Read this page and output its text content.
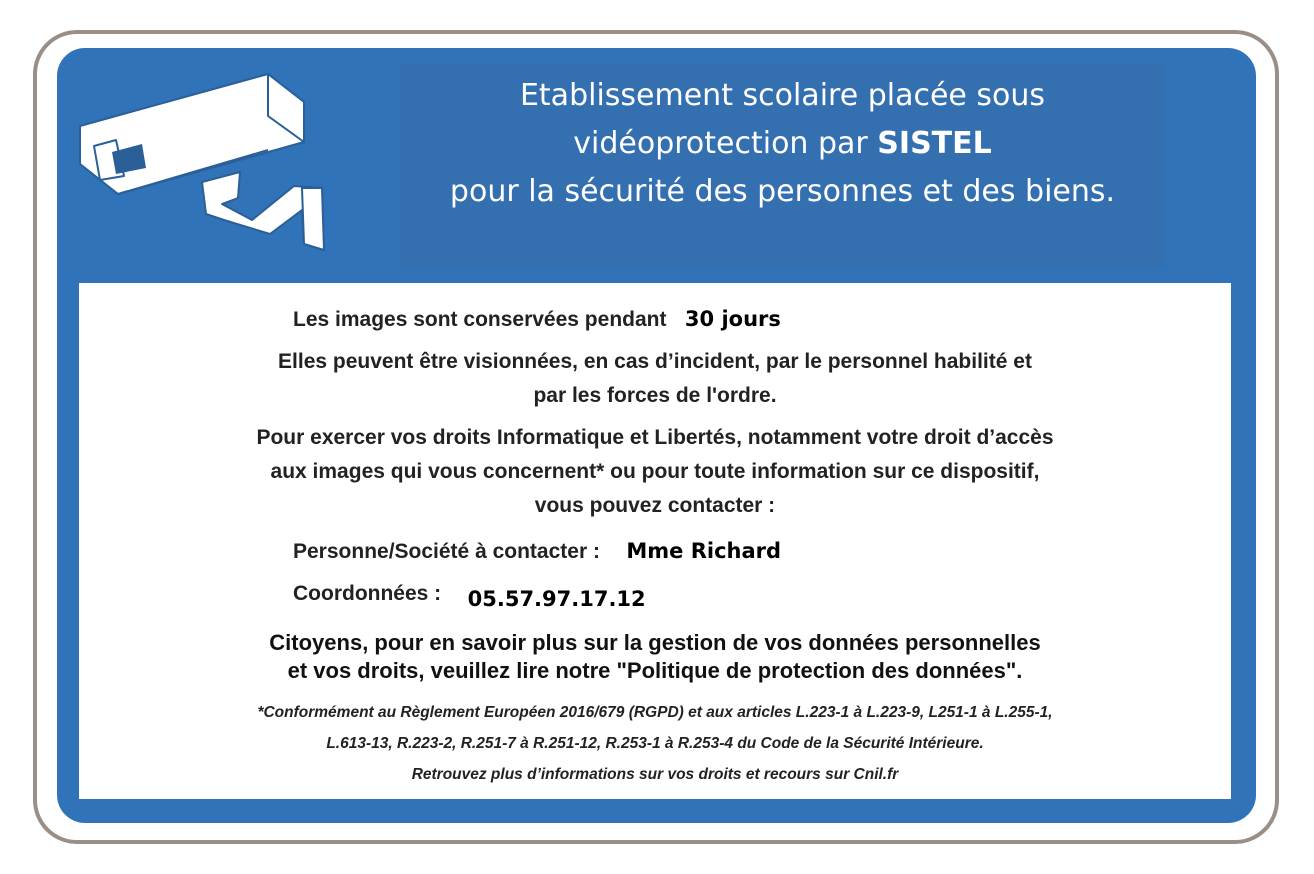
Etablissement scolaire placée sous
vidéoprotection par SISTEL
pour la sécurité des personnes et des biens.
Les images sont conservées pendant 30 jours
Elles peuvent être visionnées, en cas d’incident, par le personnel habilité et
par les forces de l'ordre.
Pour exercer vos droits Informatique et Libertés, notamment votre droit d’accès
aux images qui vous concernent* ou pour toute information sur ce dispositif,
vous pouvez contacter :
Personne/Société à contacter : Mme Richard
Coordonnées : 05.57.97.17.12
Citoyens, pour en savoir plus sur la gestion de vos données personnelles
et vos droits, veuillez lire notre "Politique de protection des données".
*Conformément au Règlement Européen 2016/679 (RGPD) et aux articles L.223-1 à L.223-9, L251-1 à L.255-1,
L.613-13, R.223-2, R.251-7 à R.251-12, R.253-1 à R.253-4 du Code de la Sécurité Intérieure.
Retrouvez plus d’informations sur vos droits et recours sur Cnil.fr
